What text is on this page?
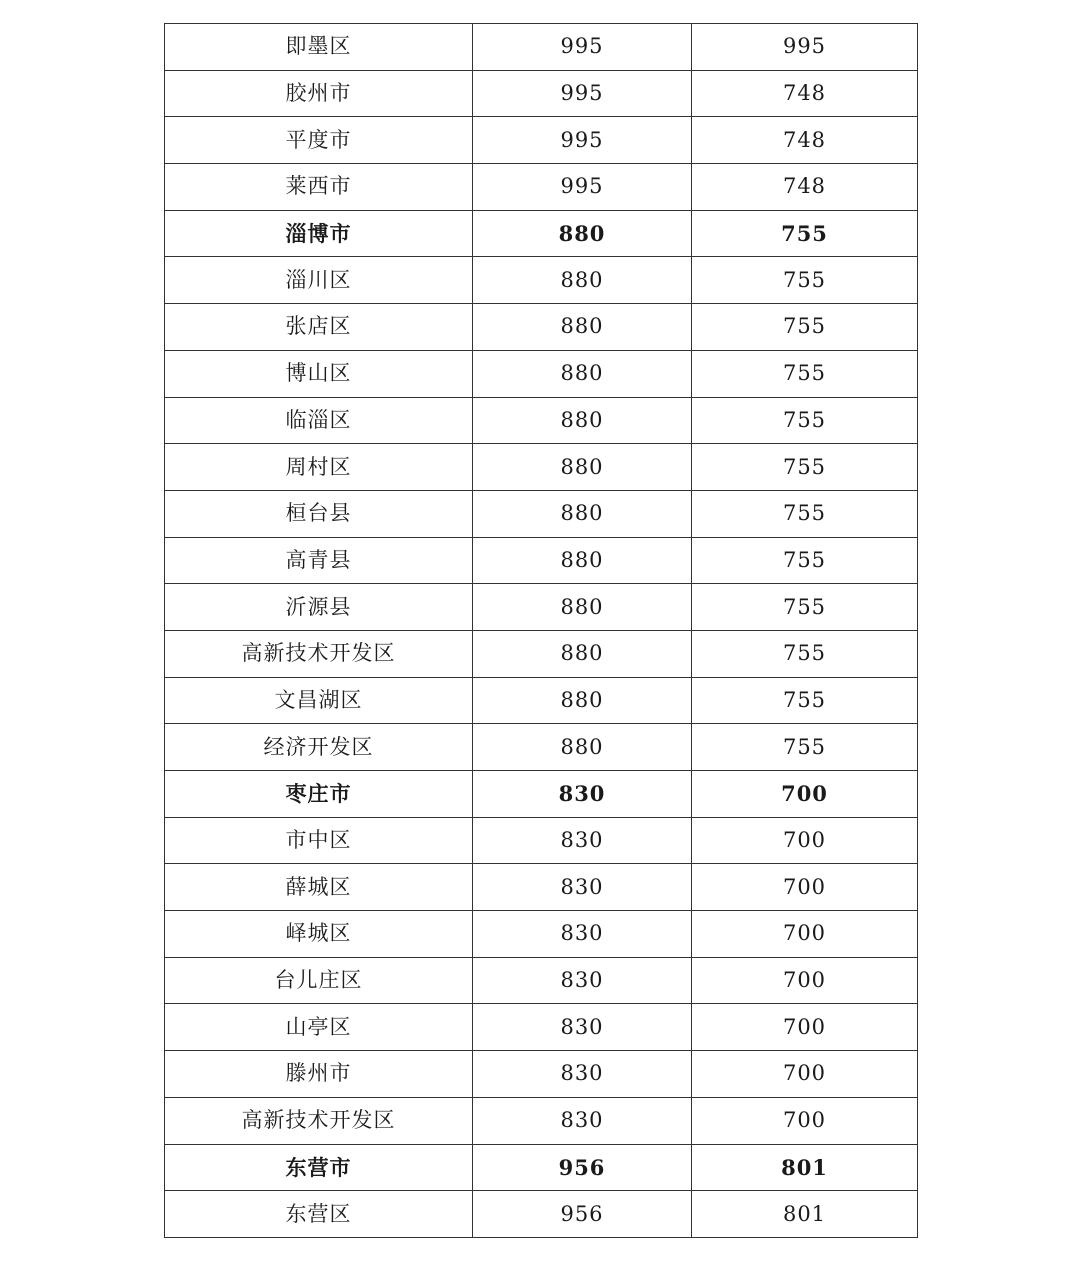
即墨区	995	995
胶州市	995	748
平度市	995	748
莱西市	995	748
淄博市	880	755
淄川区	880	755
张店区	880	755
博山区	880	755
临淄区	880	755
周村区	880	755
桓台县	880	755
高青县	880	755
沂源县	880	755
高新技术开发区	880	755
文昌湖区	880	755
经济开发区	880	755
枣庄市	830	700
市中区	830	700
薛城区	830	700
峄城区	830	700
台儿庄区	830	700
山亭区	830	700
滕州市	830	700
高新技术开发区	830	700
东营市	956	801
东营区	956	801
